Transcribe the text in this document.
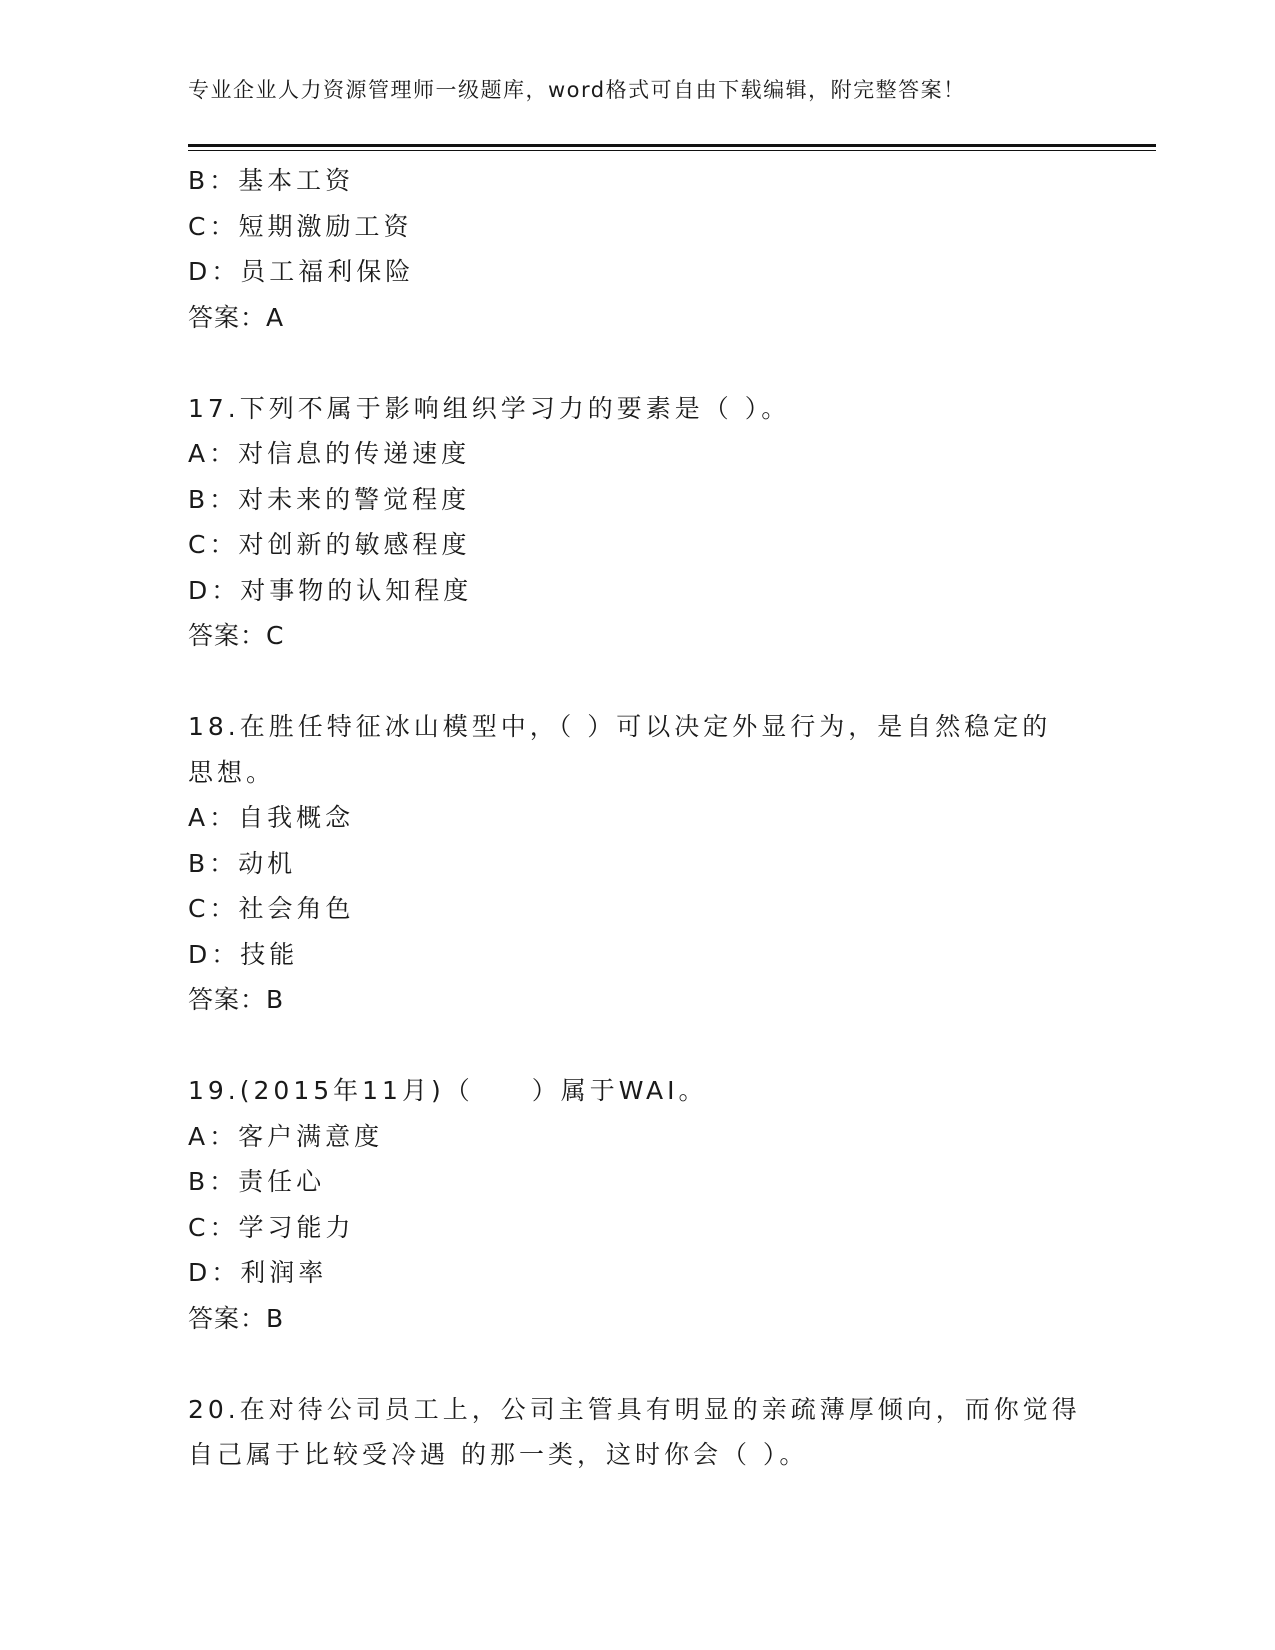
专业企业人力资源管理师一级题库，word格式可自由下载编辑，附完整答案！
B：基本工资
C：短期激励工资
D：员工福利保险
答案：A
17.下列不属于影响组织学习力的要素是（ ）。
A：对信息的传递速度
B：对未来的警觉程度
C：对创新的敏感程度
D：对事物的认知程度
答案：C
18.在胜任特征冰山模型中，（ ）可以决定外显行为，是自然稳定的
思想。
A：自我概念
B：动机
C：社会角色
D：技能
答案：B
19.(2015年11月)（　　）属于WAI。
A：客户满意度
B：责任心
C：学习能力
D：利润率
答案：B
20.在对待公司员工上，公司主管具有明显的亲疏薄厚倾向，而你觉得
自己属于比较受冷遇 的那一类，这时你会（ ）。
